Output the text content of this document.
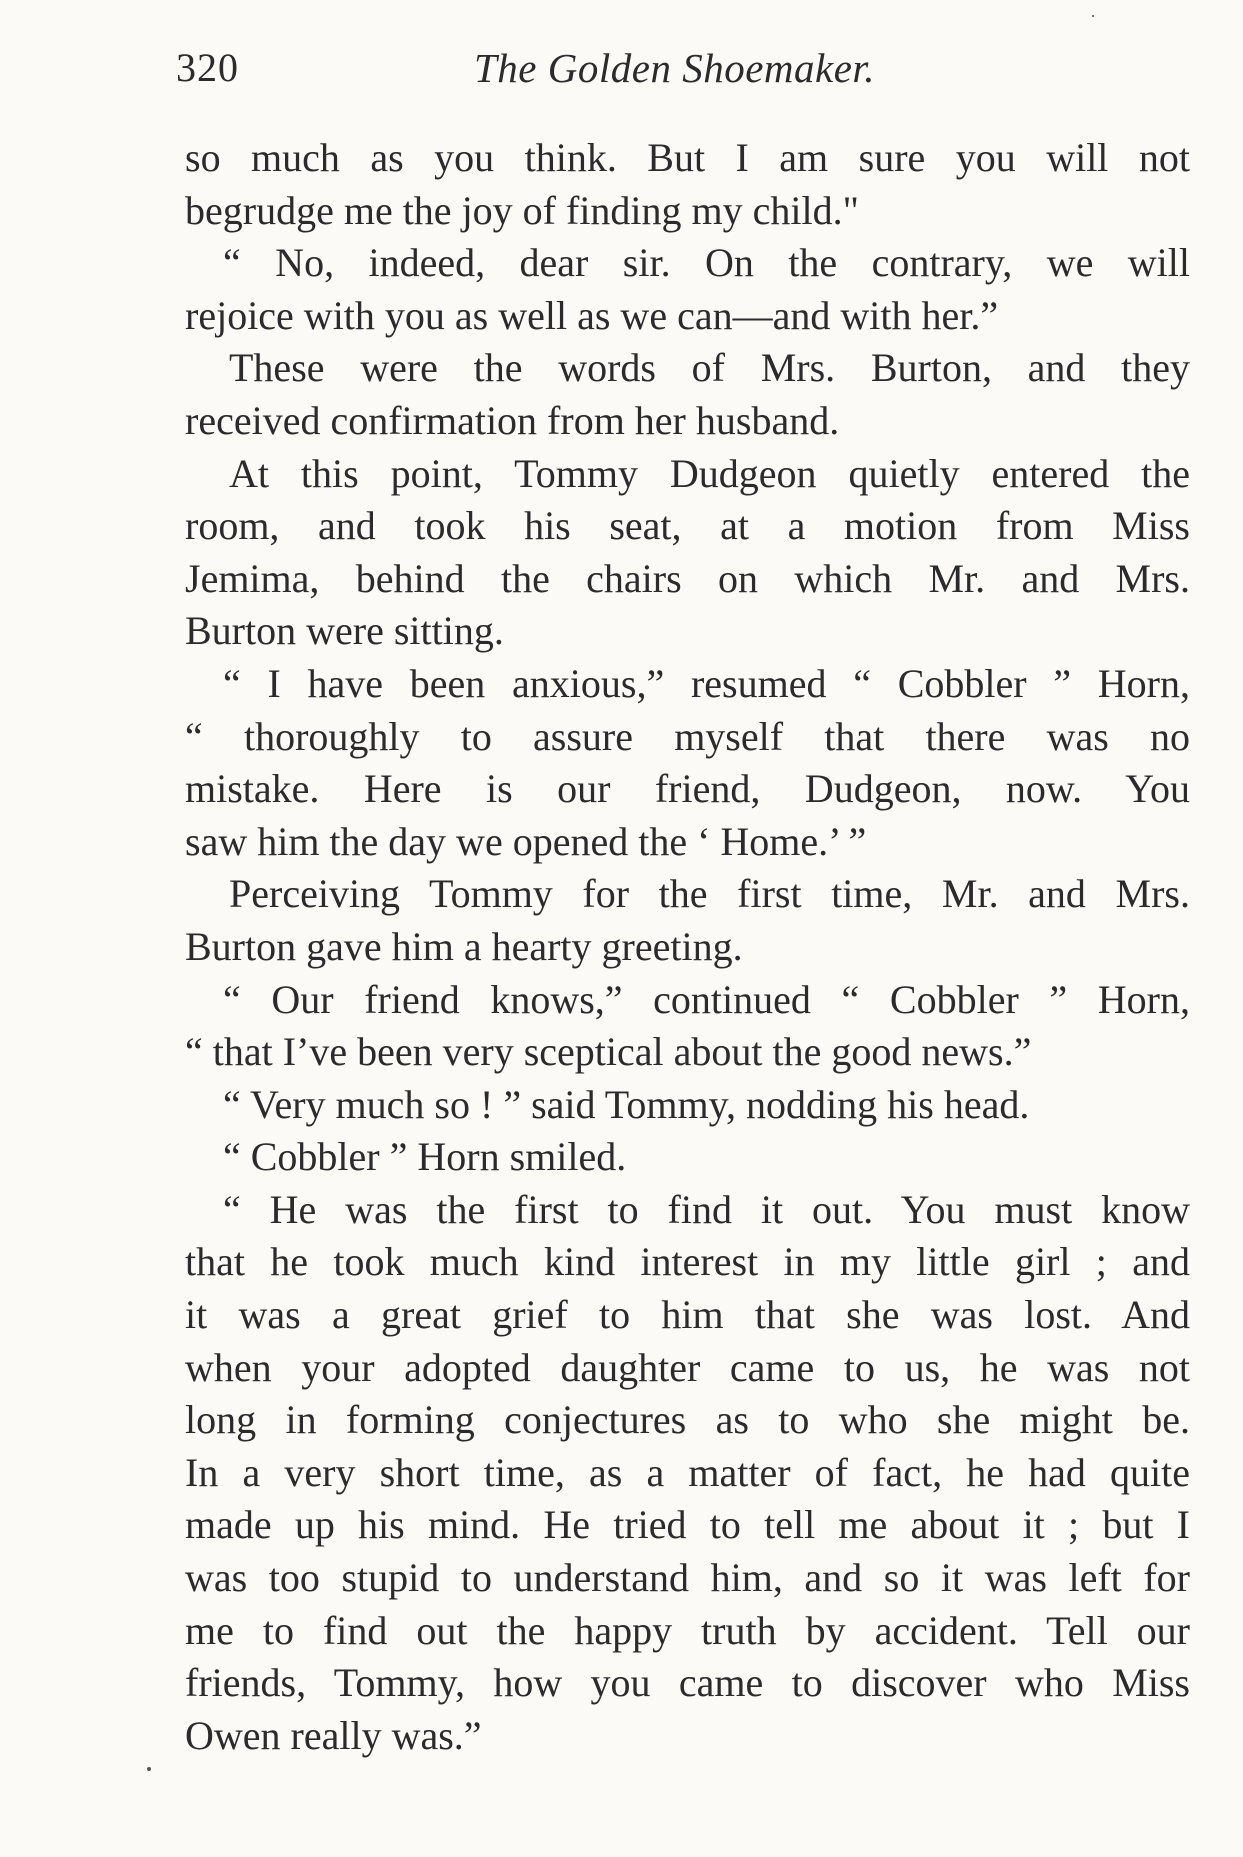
320	The Golden Shoemaker.
so much as you think. But I am sure you will not
begrudge me the joy of finding my child."
“ No, indeed, dear sir. On the contrary, we will
rejoice with you as well as we can—and with her.”
These were the words of Mrs. Burton, and they
received confirmation from her husband.
At this point, Tommy Dudgeon quietly entered the
room, and took his seat, at a motion from Miss
Jemima, behind the chairs on which Mr. and Mrs.
Burton were sitting.
“ I have been anxious,” resumed “ Cobbler ” Horn,
“ thoroughly to assure myself that there was no
mistake. Here is our friend, Dudgeon, now. You
saw him the day we opened the ‘ Home.’ ”
Perceiving Tommy for the first time, Mr. and Mrs.
Burton gave him a hearty greeting.
“ Our friend knows,” continued “ Cobbler ” Horn,
“ that I’ve been very sceptical about the good news.”
“ Very much so ! ” said Tommy, nodding his head.
“ Cobbler ” Horn smiled.
“ He was the first to find it out. You must know
that he took much kind interest in my little girl ; and
it was a great grief to him that she was lost. And
when your adopted daughter came to us, he was not
long in forming conjectures as to who she might be.
In a very short time, as a matter of fact, he had quite
made up his mind. He tried to tell me about it ; but I
was too stupid to understand him, and so it was left for
me to find out the happy truth by accident. Tell our
friends, Tommy, how you came to discover who Miss
Owen really was.”
